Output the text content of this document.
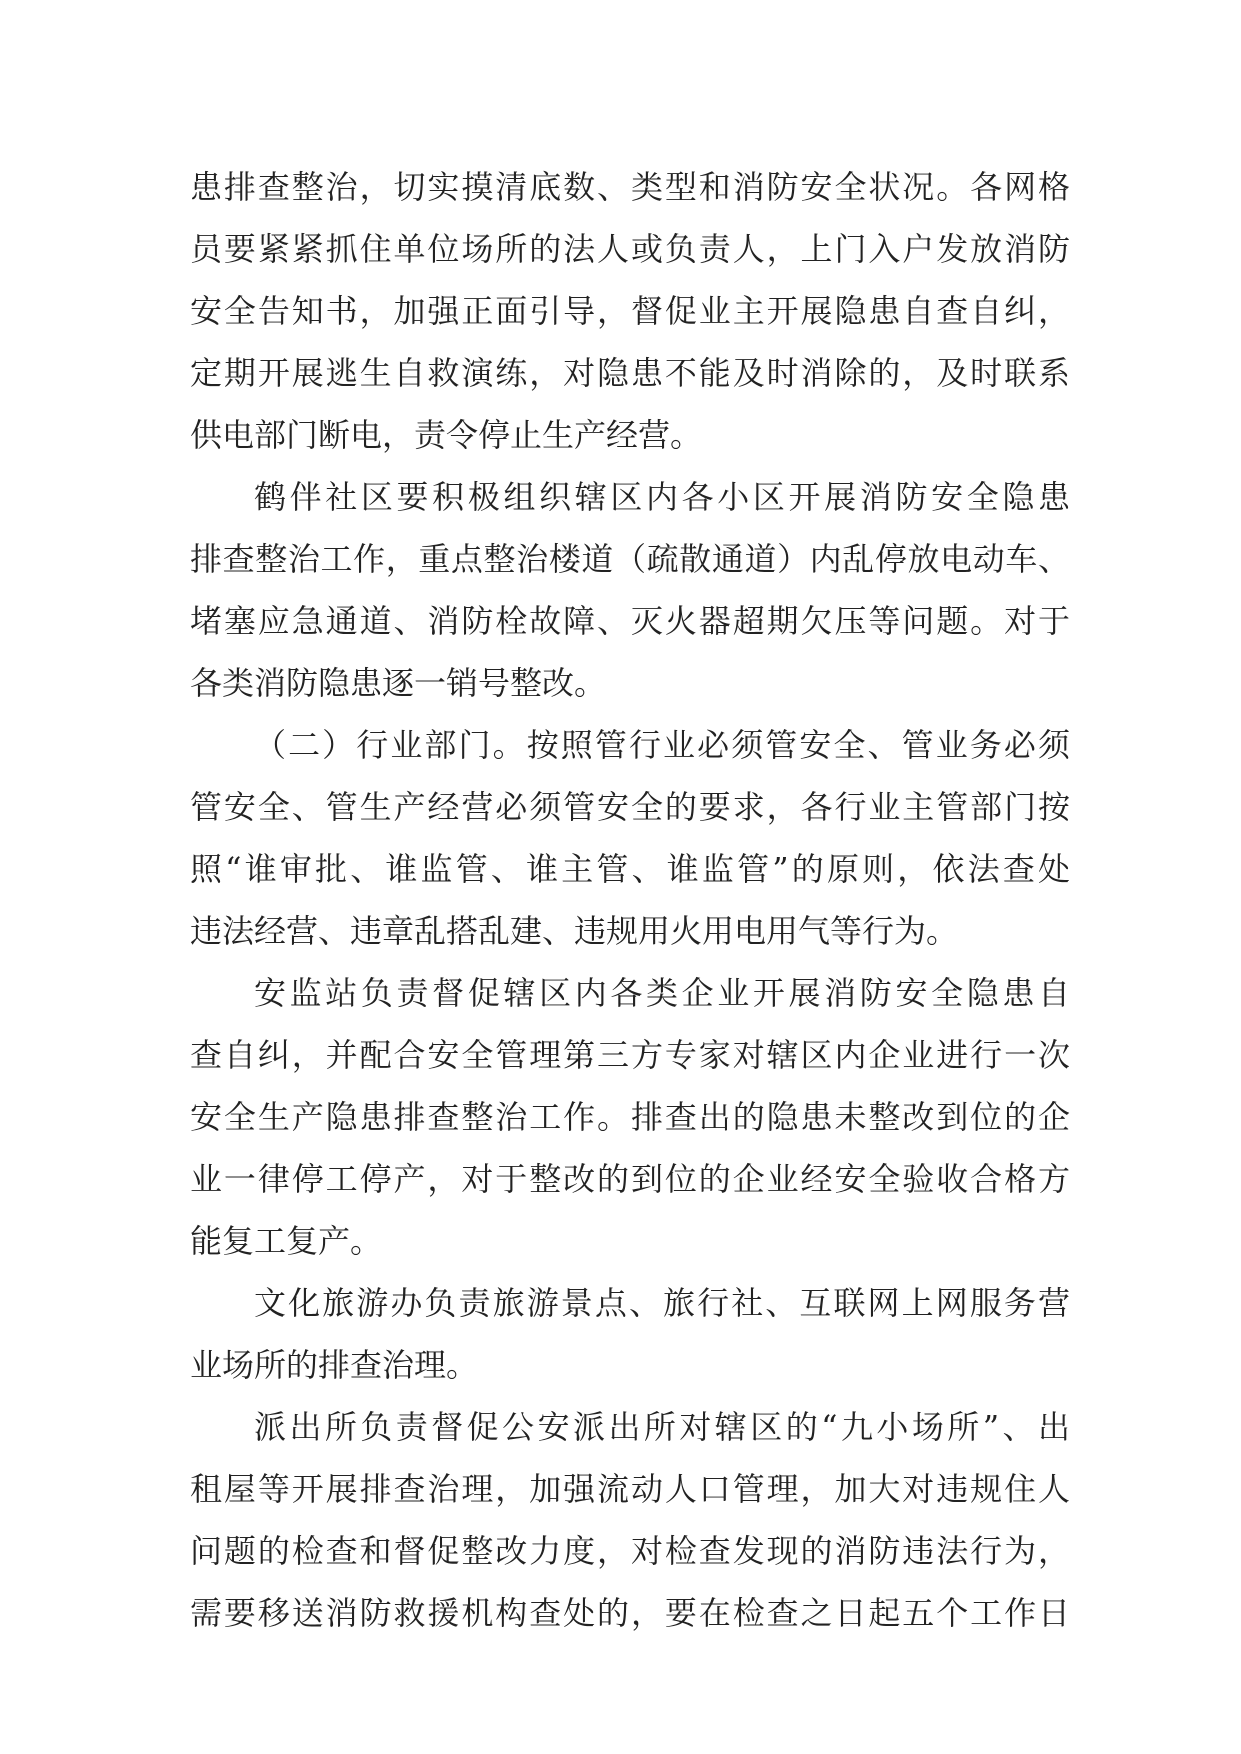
患排查整治，切实摸清底数、类型和消防安全状况。各网格
员要紧紧抓住单位场所的法人或负责人，上门入户发放消防
安全告知书，加强正面引导，督促业主开展隐患自查自纠，
定期开展逃生自救演练，对隐患不能及时消除的，及时联系
供电部门断电，责令停止生产经营。
鹤伴社区要积极组织辖区内各小区开展消防安全隐患
排查整治工作，重点整治楼道（疏散通道）内乱停放电动车、
堵塞应急通道、消防栓故障、灭火器超期欠压等问题。对于
各类消防隐患逐一销号整改。
（二）行业部门。按照管行业必须管安全、管业务必须
管安全、管生产经营必须管安全的要求，各行业主管部门按
照“谁审批、谁监管、谁主管、谁监管”的原则，依法查处
违法经营、违章乱搭乱建、违规用火用电用气等行为。
安监站负责督促辖区内各类企业开展消防安全隐患自
查自纠，并配合安全管理第三方专家对辖区内企业进行一次
安全生产隐患排查整治工作。排查出的隐患未整改到位的企
业一律停工停产，对于整改的到位的企业经安全验收合格方
能复工复产。
文化旅游办负责旅游景点、旅行社、互联网上网服务营
业场所的排查治理。
派出所负责督促公安派出所对辖区的“九小场所”、出
租屋等开展排查治理，加强流动人口管理，加大对违规住人
问题的检查和督促整改力度，对检查发现的消防违法行为，
需要移送消防救援机构查处的，要在检查之日起五个工作日
